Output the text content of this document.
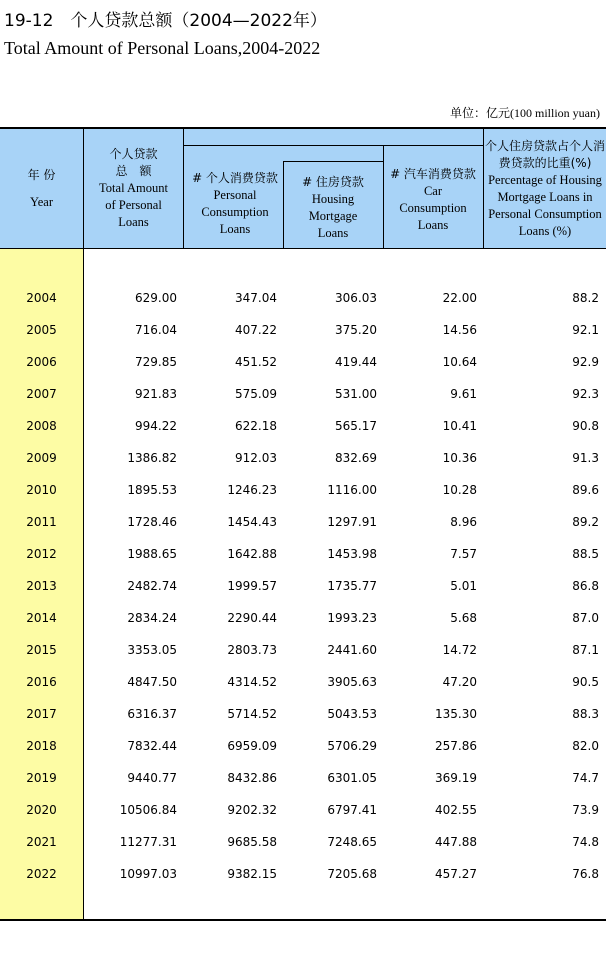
19-12　个人贷款总额（2004—2022年）
Total Amount of Personal Loans,2004-2022
单位：亿元(100 million yuan)
年 份
Year
个人贷款
总　额
Total Amount of Personal Loans
# 个人消费贷款
Personal Consumption Loans
# 住房贷款
Housing Mortgage Loans
# 汽车消费贷款
Car Consumption Loans
个人住房贷款占个人消费贷款的比重(%)
Percentage of Housing Mortgage Loans in Personal Consumption Loans (%)
2004	629.00	347.04	306.03	22.00	88.2
2005	716.04	407.22	375.20	14.56	92.1
2006	729.85	451.52	419.44	10.64	92.9
2007	921.83	575.09	531.00	9.61	92.3
2008	994.22	622.18	565.17	10.41	90.8
2009	1386.82	912.03	832.69	10.36	91.3
2010	1895.53	1246.23	1116.00	10.28	89.6
2011	1728.46	1454.43	1297.91	8.96	89.2
2012	1988.65	1642.88	1453.98	7.57	88.5
2013	2482.74	1999.57	1735.77	5.01	86.8
2014	2834.24	2290.44	1993.23	5.68	87.0
2015	3353.05	2803.73	2441.60	14.72	87.1
2016	4847.50	4314.52	3905.63	47.20	90.5
2017	6316.37	5714.52	5043.53	135.30	88.3
2018	7832.44	6959.09	5706.29	257.86	82.0
2019	9440.77	8432.86	6301.05	369.19	74.7
2020	10506.84	9202.32	6797.41	402.55	73.9
2021	11277.31	9685.58	7248.65	447.88	74.8
2022	10997.03	9382.15	7205.68	457.27	76.8
